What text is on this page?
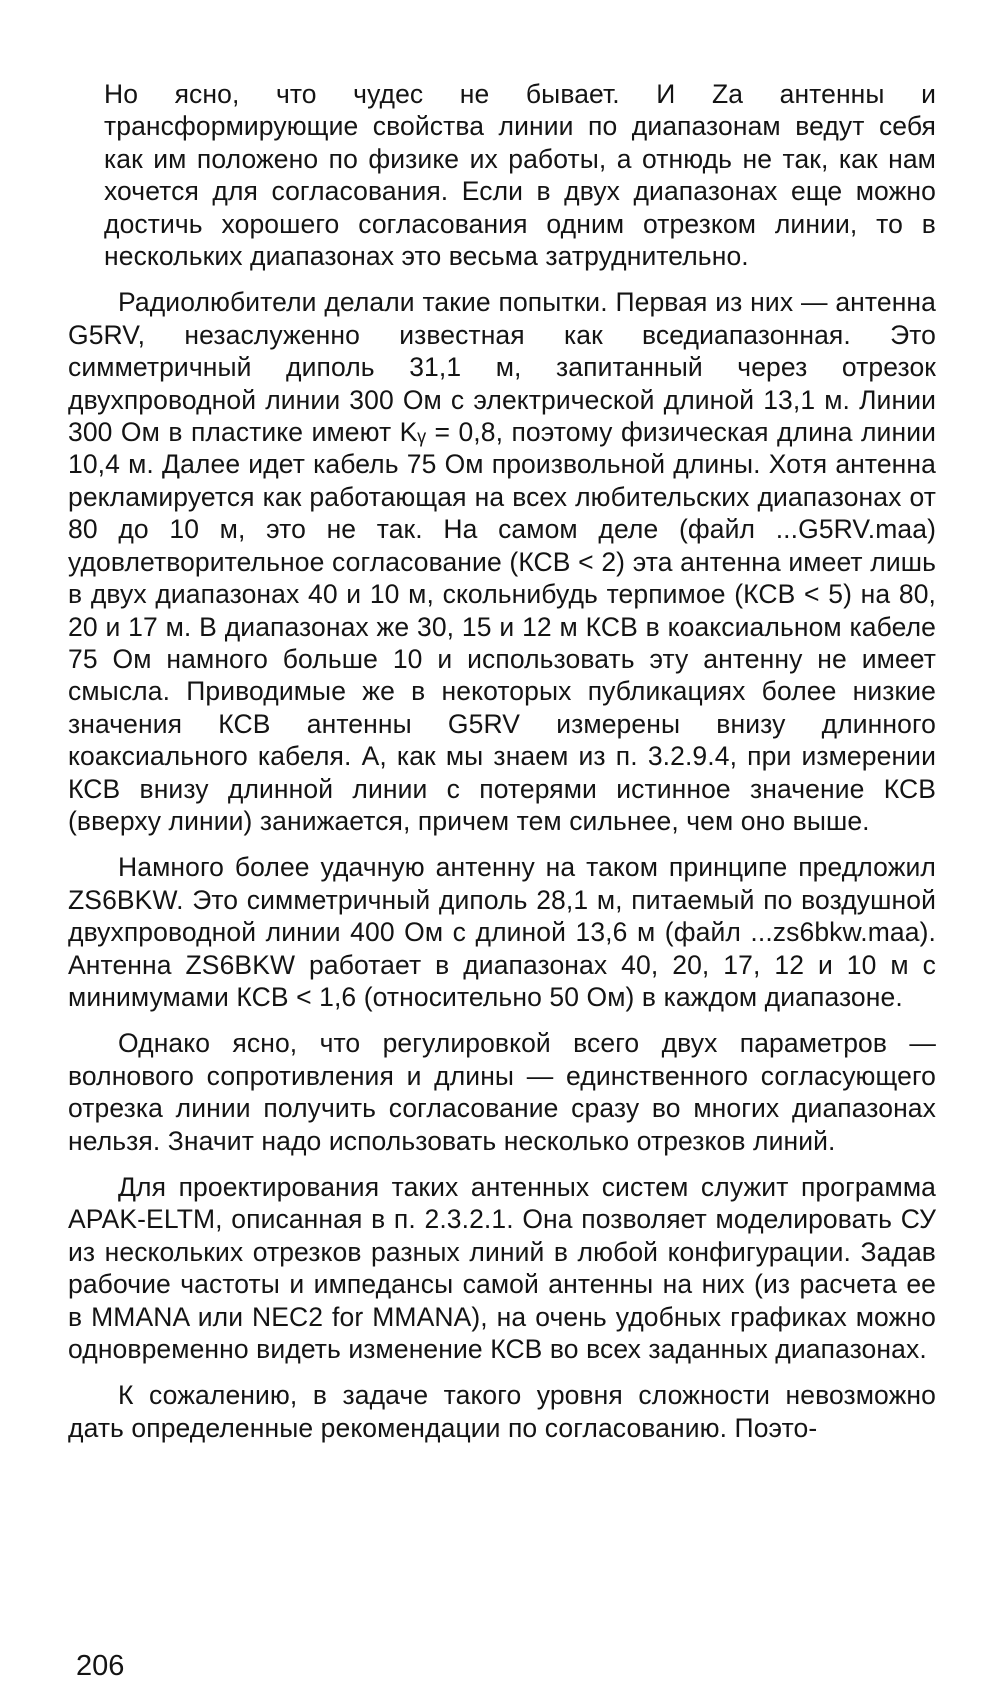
Но ясно, что чудес не бывает. И Za антенны и трансформирующие свойства линии по диапазонам ведут себя как им положено по физике их работы, а отнюдь не так, как нам хочется для согласования. Если в двух диапазонах еще можно достичь хорошего согласования одним отрезком линии, то в нескольких диапазонах это весьма затруднительно.

Радиолюбители делали такие попытки. Первая из них — антенна G5RV, незаслуженно известная как вседиапазонная. Это симметричный диполь 31,1 м, запитанный через отрезок двухпроводной линии 300 Ом с электрической длиной 13,1 м. Линии 300 Ом в пластике имеют Kᵧ = 0,8, поэтому физическая длина линии 10,4 м. Далее идет кабель 75 Ом произвольной длины. Хотя антенна рекламируется как работающая на всех любительских диапазонах от 80 до 10 м, это не так. На самом деле (файл ...G5RV.maa) удовлетворительное согласование (КСВ < 2) эта антенна имеет лишь в двух диапазонах 40 и 10 м, скольнибудь терпимое (КСВ < 5) на 80, 20 и 17 м. В диапазонах же 30, 15 и 12 м КСВ в коаксиальном кабеле 75 Ом намного больше 10 и использовать эту антенну не имеет смысла. Приводимые же в некоторых публикациях более низкие значения КСВ антенны G5RV измерены внизу длинного коаксиального кабеля. А, как мы знаем из п. 3.2.9.4, при измерении КСВ внизу длинной линии с потерями истинное значение КСВ (вверху линии) занижается, причем тем сильнее, чем оно выше.

Намного более удачную антенну на таком принципе предложил ZS6BKW. Это симметричный диполь 28,1 м, питаемый по воздушной двухпроводной линии 400 Ом с длиной 13,6 м (файл ...zs6bkw.maa). Антенна ZS6BKW работает в диапазонах 40, 20, 17, 12 и 10 м с минимумами КСВ < 1,6 (относительно 50 Ом) в каждом диапазоне.

Однако ясно, что регулировкой всего двух параметров — волнового сопротивления и длины — единственного согласующего отрезка линии получить согласование сразу во многих диапазонах нельзя. Значит надо использовать несколько отрезков линий.

Для проектирования таких антенных систем служит программа APAK-ELTM, описанная в п. 2.3.2.1. Она позволяет моделировать СУ из нескольких отрезков разных линий в любой конфигурации. Задав рабочие частоты и импедансы самой антенны на них (из расчета ее в MMANA или NEC2 for MMANA), на очень удобных графиках можно одновременно видеть изменение КСВ во всех заданных диапазонах.

К сожалению, в задаче такого уровня сложности невозможно дать определенные рекомендации по согласованию. Поэто-

206
